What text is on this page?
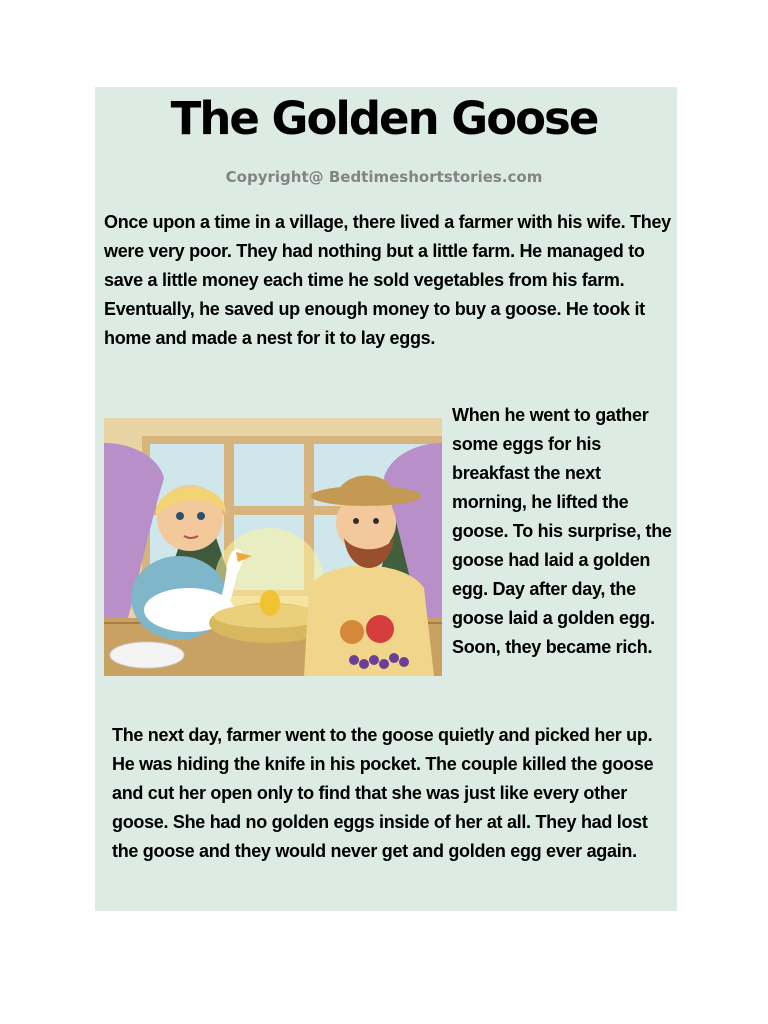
The Golden Goose
Copyright@ Bedtimeshortstories.com

Once upon a time in a village, there lived a farmer with his wife. They were very poor. They had nothing but a little farm. He managed to save a little money each time he sold vegetables from his farm. Eventually, he saved up enough money to buy a goose. He took it home and made a nest for it to lay eggs.

When he went to gather some eggs for his breakfast the next morning, he lifted the goose. To his surprise, the goose had laid a golden egg. Day after day, the goose laid a golden egg. Soon, they became rich.

The next day, farmer went to the goose quietly and picked her up. He was hiding the knife in his pocket. The couple killed the goose and cut her open only to find that she was just like every other goose. She had no golden eggs inside of her at all. They had lost the goose and they would never get and golden egg ever again.
